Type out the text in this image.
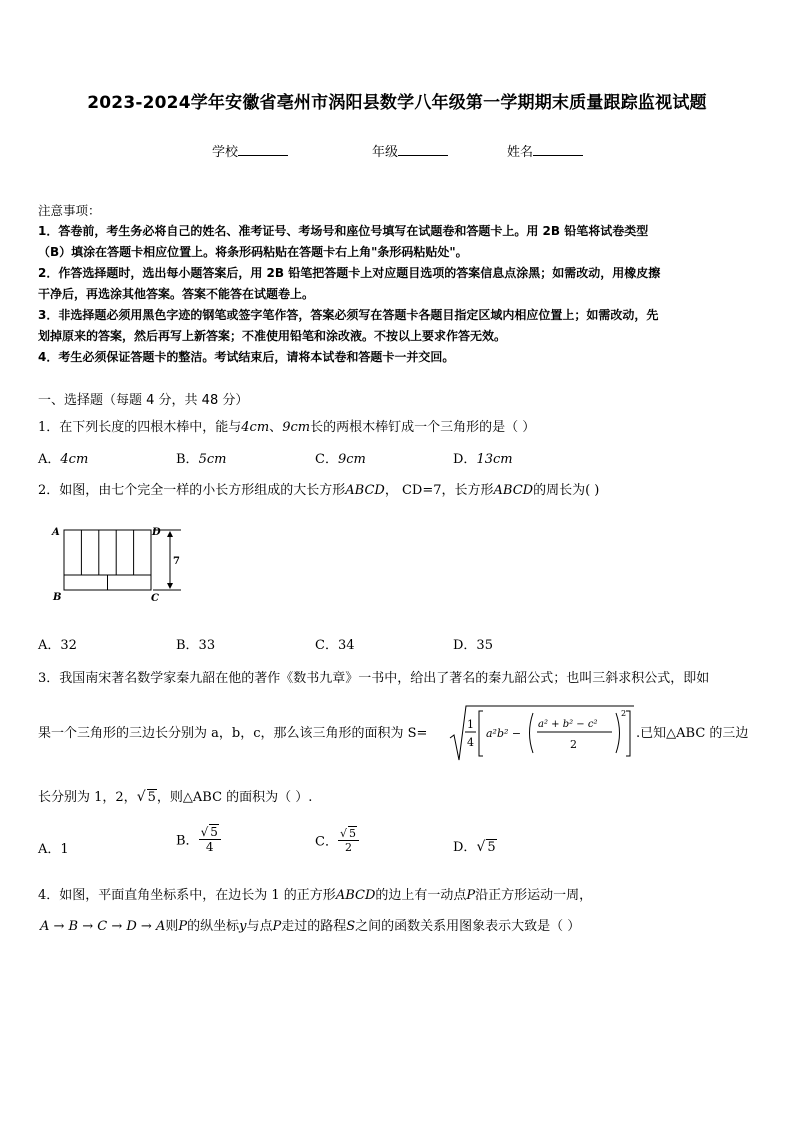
2023-2024学年安徽省亳州市涡阳县数学八年级第一学期期末质量跟踪监视试题
学校	年级	姓名
注意事项：
1．答卷前，考生务必将自己的姓名、准考证号、考场号和座位号填写在试题卷和答题卡上。用 2B 铅笔将试卷类型
（B）填涂在答题卡相应位置上。将条形码粘贴在答题卡右上角"条形码粘贴处"。
2．作答选择题时，选出每小题答案后，用 2B 铅笔把答题卡上对应题目选项的答案信息点涂黑；如需改动，用橡皮擦
干净后，再选涂其他答案。答案不能答在试题卷上。
3．非选择题必须用黑色字迹的钢笔或签字笔作答，答案必须写在答题卡各题目指定区域内相应位置上；如需改动，先
划掉原来的答案，然后再写上新答案；不准使用铅笔和涂改液。不按以上要求作答无效。
4．考生必须保证答题卡的整洁。考试结束后，请将本试卷和答题卡一并交回。
一、选择题（每题 4 分，共 48 分）
1．在下列长度的四根木棒中，能与4cm、9cm长的两根木棒钉成一个三角形的是（ ）
A．4cm	B．5cm	C．9cm	D．13cm
2．如图，由七个完全一样的小长方形组成的大长方形ABCD， CD=7，长方形ABCD的周长为( )
A	D
B	C
7
A．32	B．33	C．34	D．35
3．我国南宋著名数学家秦九韶在他的著作《数书九章》一书中，给出了著名的秦九韶公式；也叫三斜求积公式，即如
果一个三角形的三边长分别为 a，b，c，那么该三角形的面积为 S=
1
4
a²b² −
a² + b² − c²
2
2
.已知△ABC 的三边
长分别为 1，2，√ 5，则△ABC 的面积为（ ）.
A．1
B． $\frac{√ 5}{4}$	C． $\frac{√ 5}{2}$	D．√ 5
4．如图，平面直角坐标系中，在边长为 1 的正方形ABCD的边上有一动点P沿正方形运动一周，
A → B → C → D → A则P的纵坐标y与点P走过的路程S之间的函数关系用图象表示大致是（ ）
